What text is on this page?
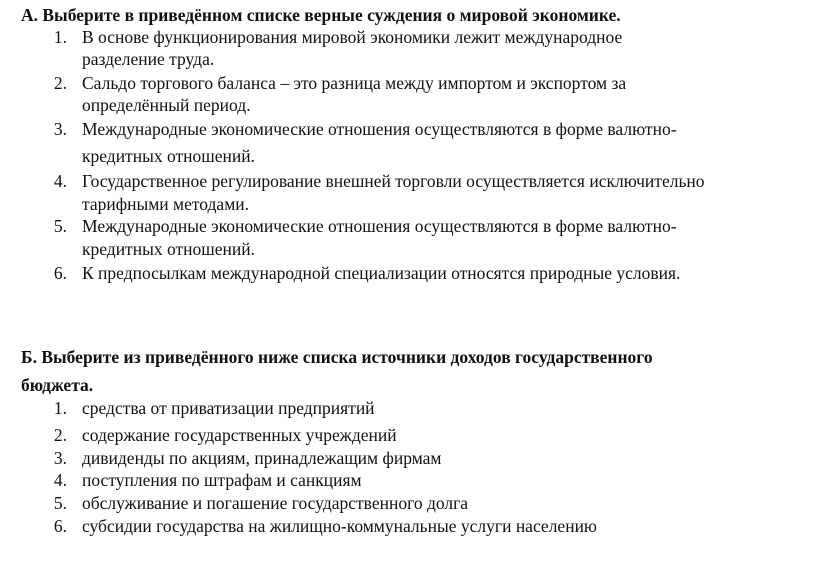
А. Выберите в приведённом списке верные суждения о мировой экономике.
1. В основе функционирования мировой экономики лежит международное
разделение труда.
2. Сальдо торгового баланса – это разница между импортом и экспортом за
определённый период.
3. Международные экономические отношения осуществляются в форме валютно-
кредитных отношений.
4. Государственное регулирование внешней торговли осуществляется исключительно
тарифными методами.
5. Международные экономические отношения осуществляются в форме валютно-
кредитных отношений.
6. К предпосылкам международной специализации относятся природные условия.
Б. Выберите из приведённого ниже списка источники доходов государственного
бюджета.
1. средства от приватизации предприятий
2. содержание государственных учреждений
3. дивиденды по акциям, принадлежащим фирмам
4. поступления по штрафам и санкциям
5. обслуживание и погашение государственного долга
6. субсидии государства на жилищно-коммунальные услуги населению
